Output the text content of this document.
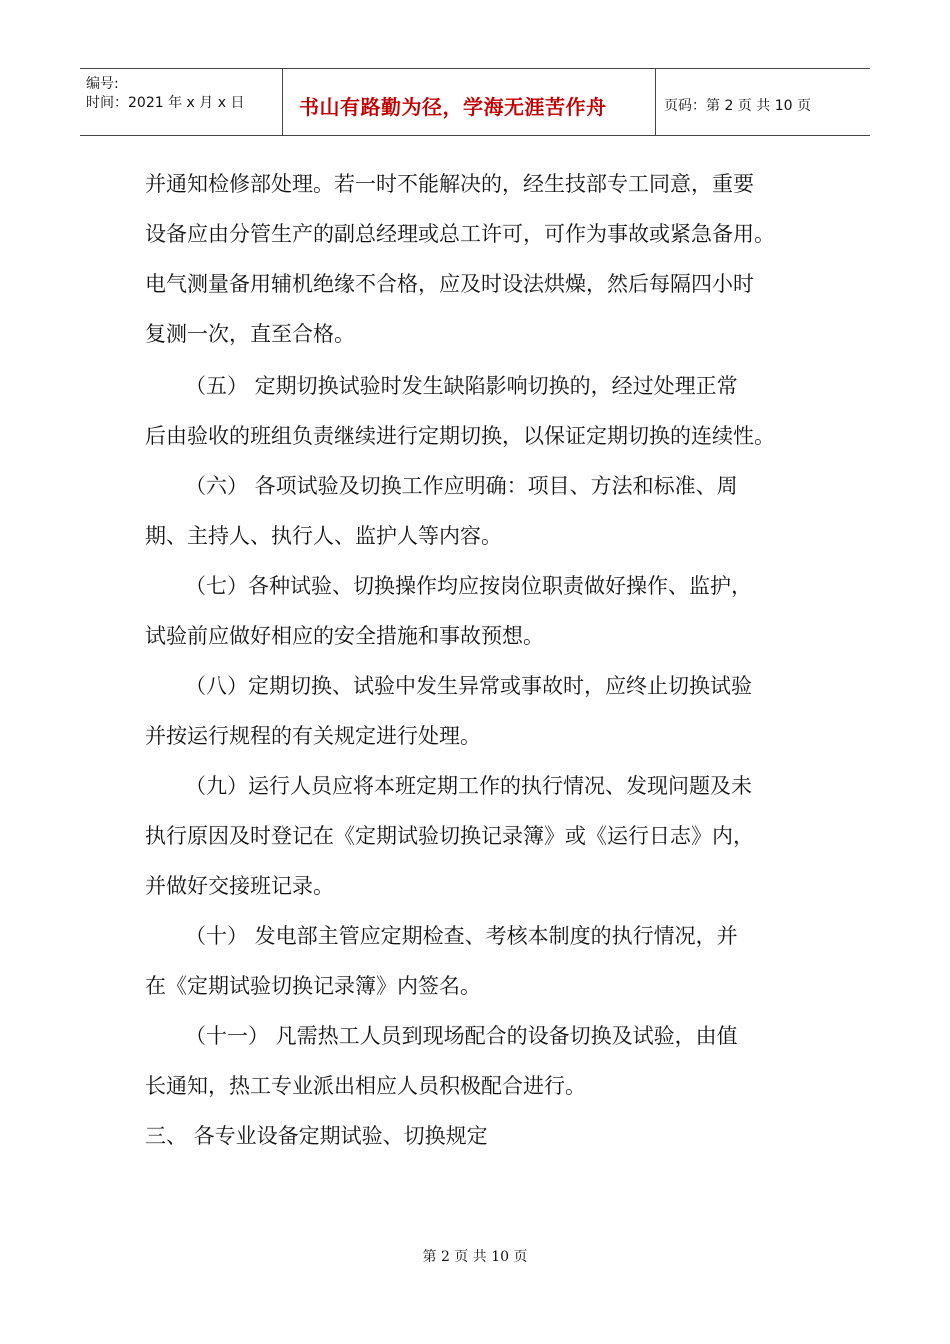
编号:
时间：2021 年 x 月 x 日	书山有路勤为径，学海无涯苦作舟	页码：第 2 页 共 10 页
并通知检修部处理。若一时不能解决的，经生技部专工同意，重要
设备应由分管生产的副总经理或总工许可，可作为事故或紧急备用。
电气测量备用辅机绝缘不合格，应及时设法烘燥，然后每隔四小时
复测一次，直至合格。
（五） 定期切换试验时发生缺陷影响切换的，经过处理正常
后由验收的班组负责继续进行定期切换，以保证定期切换的连续性。
（六） 各项试验及切换工作应明确：项目、方法和标准、周
期、主持人、执行人、监护人等内容。
（七）各种试验、切换操作均应按岗位职责做好操作、监护，
试验前应做好相应的安全措施和事故预想。
（八）定期切换、试验中发生异常或事故时，应终止切换试验
并按运行规程的有关规定进行处理。
（九）运行人员应将本班定期工作的执行情况、发现问题及未
执行原因及时登记在《定期试验切换记录簿》或《运行日志》内，
并做好交接班记录。
（十） 发电部主管应定期检查、考核本制度的执行情况，并
在《定期试验切换记录簿》内签名。
（十一） 凡需热工人员到现场配合的设备切换及试验，由值
长通知，热工专业派出相应人员积极配合进行。
三、 各专业设备定期试验、切换规定
第 2 页 共 10 页
